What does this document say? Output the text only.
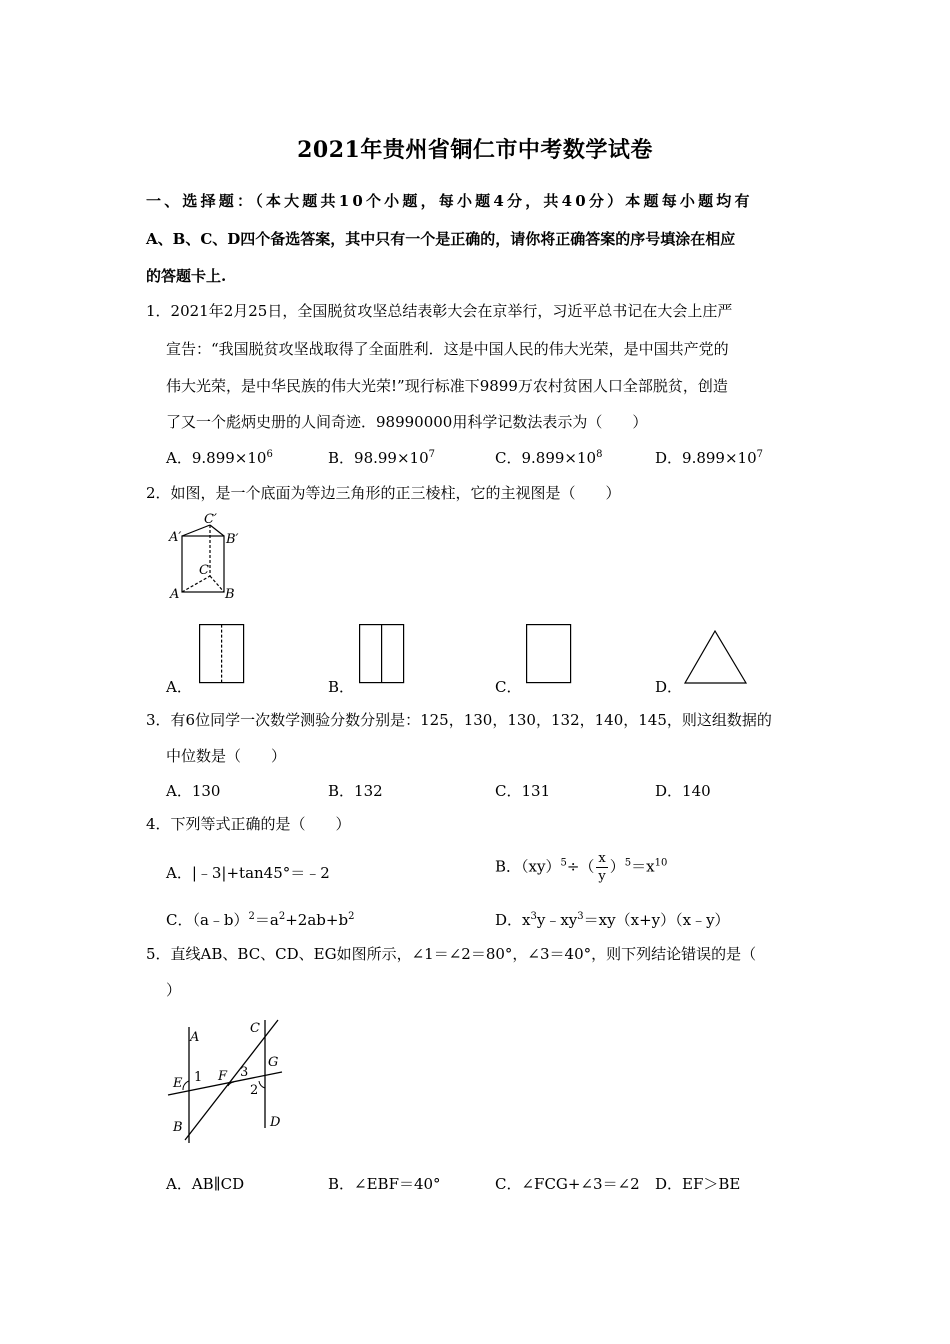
2021年贵州省铜仁市中考数学试卷
一、选择题：（本大题共10个小题，每小题4分，共40分）本题每小题均有
A、B、C、D四个备选答案，其中只有一个是正确的，请你将正确答案的序号填涂在相应
的答题卡上.
1．2021年2月25日，全国脱贫攻坚总结表彰大会在京举行，习近平总书记在大会上庄严
宣告：“我国脱贫攻坚战取得了全面胜利．这是中国人民的伟大光荣，是中国共产党的
伟大光荣，是中华民族的伟大光荣!”现行标准下9899万农村贫困人口全部脱贫，创造
了又一个彪炳史册的人间奇迹．98990000用科学记数法表示为（　　）
A．$9.899\times 10^6$	B．$98.99\times 10^7$	C．$9.899\times 10^8$	D．$9.899\times 10^7$
2．如图，是一个底面为等边三角形的正三棱柱，它的主视图是（　　）
C′
A′	B′
C
A	B
A．	B．	C．	D．
3．有6位同学一次数学测验分数分别是：125，130，130，132，140，145，则这组数据的
中位数是（　　）
A．130	B．132	C．131	D．140
4．下列等式正确的是（　　）
A．|﹣3|+tan45°＝﹣2	B．$(xy)^5\div( \frac{x}{y} )^5=x^{10}$
C．$(a﹣b)^2=a^2+2ab+b^2$	D．$x^3y﹣xy^3=xy(x+y)(x﹣y)$
5．直线AB、BC、CD、EG如图所示，∠1＝∠2＝80°，∠3＝40°，则下列结论错误的是（
）
A
B
C
D
E	F
G
1
2
3
A．AB∥CD	B．∠EBF＝40°	C．∠FCG+∠3＝∠2 D．EF＞BE
